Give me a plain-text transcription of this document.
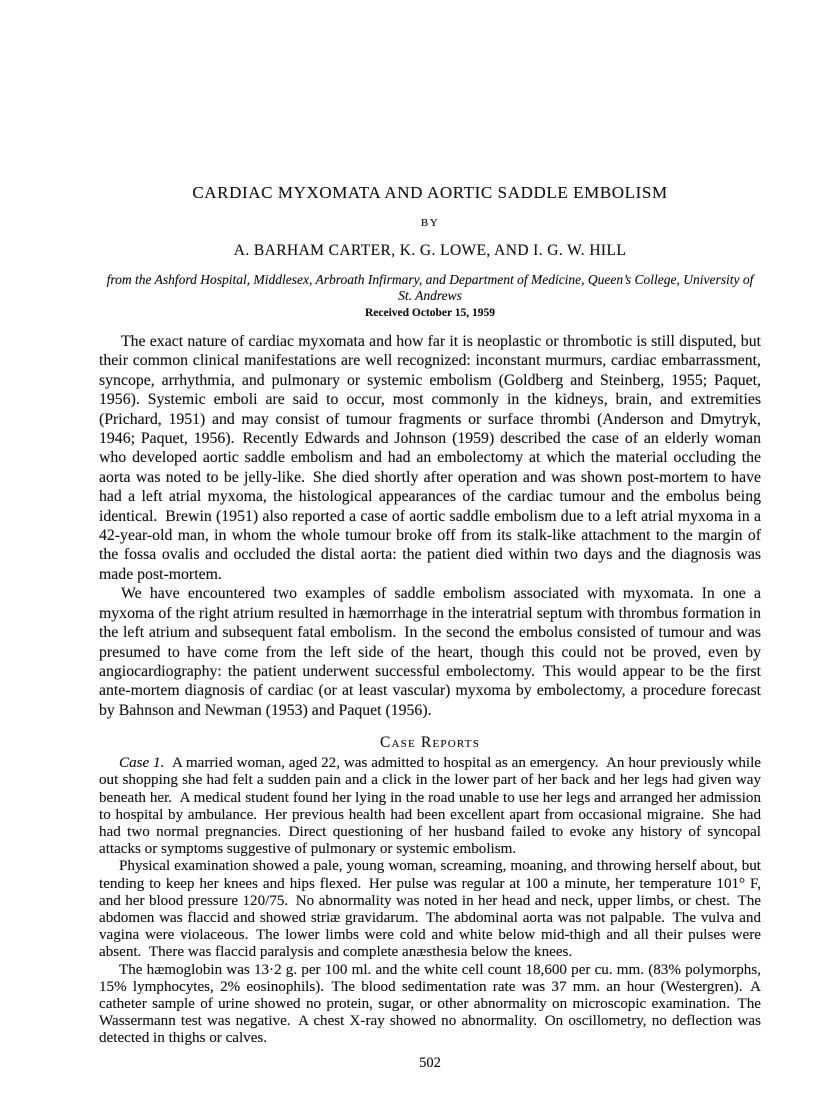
CARDIAC MYXOMATA AND AORTIC SADDLE EMBOLISM
BY
A. BARHAM CARTER, K. G. LOWE, AND I. G. W. HILL
from the Ashford Hospital, Middlesex, Arbroath Infirmary, and Department of Medicine, Queen’s College, University of St. Andrews
Received October 15, 1959

The exact nature of cardiac myxomata and how far it is neoplastic or thrombotic is still disputed, but their common clinical manifestations are well recognized: inconstant murmurs, cardiac embarrassment, syncope, arrhythmia, and pulmonary or systemic embolism (Goldberg and Steinberg, 1955; Paquet, 1956). Systemic emboli are said to occur, most commonly in the kidneys, brain, and extremities (Prichard, 1951) and may consist of tumour fragments or surface thrombi (Anderson and Dmytryk, 1946; Paquet, 1956). Recently Edwards and Johnson (1959) described the case of an elderly woman who developed aortic saddle embolism and had an embolectomy at which the material occluding the aorta was noted to be jelly-like. She died shortly after operation and was shown post-mortem to have had a left atrial myxoma, the histological appearances of the cardiac tumour and the embolus being identical. Brewin (1951) also reported a case of aortic saddle embolism due to a left atrial myxoma in a 42-year-old man, in whom the whole tumour broke off from its stalk-like attachment to the margin of the fossa ovalis and occluded the distal aorta: the patient died within two days and the diagnosis was made post-mortem.

We have encountered two examples of saddle embolism associated with myxomata. In one a myxoma of the right atrium resulted in hæmorrhage in the interatrial septum with thrombus formation in the left atrium and subsequent fatal embolism. In the second the embolus consisted of tumour and was presumed to have come from the left side of the heart, though this could not be proved, even by angiocardiography: the patient underwent successful embolectomy. This would appear to be the first ante-mortem diagnosis of cardiac (or at least vascular) myxoma by embolectomy, a procedure forecast by Bahnson and Newman (1953) and Paquet (1956).

Case Reports

Case 1. A married woman, aged 22, was admitted to hospital as an emergency. An hour previously while out shopping she had felt a sudden pain and a click in the lower part of her back and her legs had given way beneath her. A medical student found her lying in the road unable to use her legs and arranged her admission to hospital by ambulance. Her previous health had been excellent apart from occasional migraine. She had had two normal pregnancies. Direct questioning of her husband failed to evoke any history of syncopal attacks or symptoms suggestive of pulmonary or systemic embolism.

Physical examination showed a pale, young woman, screaming, moaning, and throwing herself about, but tending to keep her knees and hips flexed. Her pulse was regular at 100 a minute, her temperature 101° F, and her blood pressure 120/75. No abnormality was noted in her head and neck, upper limbs, or chest. The abdomen was flaccid and showed striæ gravidarum. The abdominal aorta was not palpable. The vulva and vagina were violaceous. The lower limbs were cold and white below mid-thigh and all their pulses were absent. There was flaccid paralysis and complete anæsthesia below the knees.

The hæmoglobin was 13·2 g. per 100 ml. and the white cell count 18,600 per cu. mm. (83% polymorphs, 15% lymphocytes, 2% eosinophils). The blood sedimentation rate was 37 mm. an hour (Westergren). A catheter sample of urine showed no protein, sugar, or other abnormality on microscopic examination. The Wassermann test was negative. A chest X-ray showed no abnormality. On oscillometry, no deflection was detected in thighs or calves.

502
